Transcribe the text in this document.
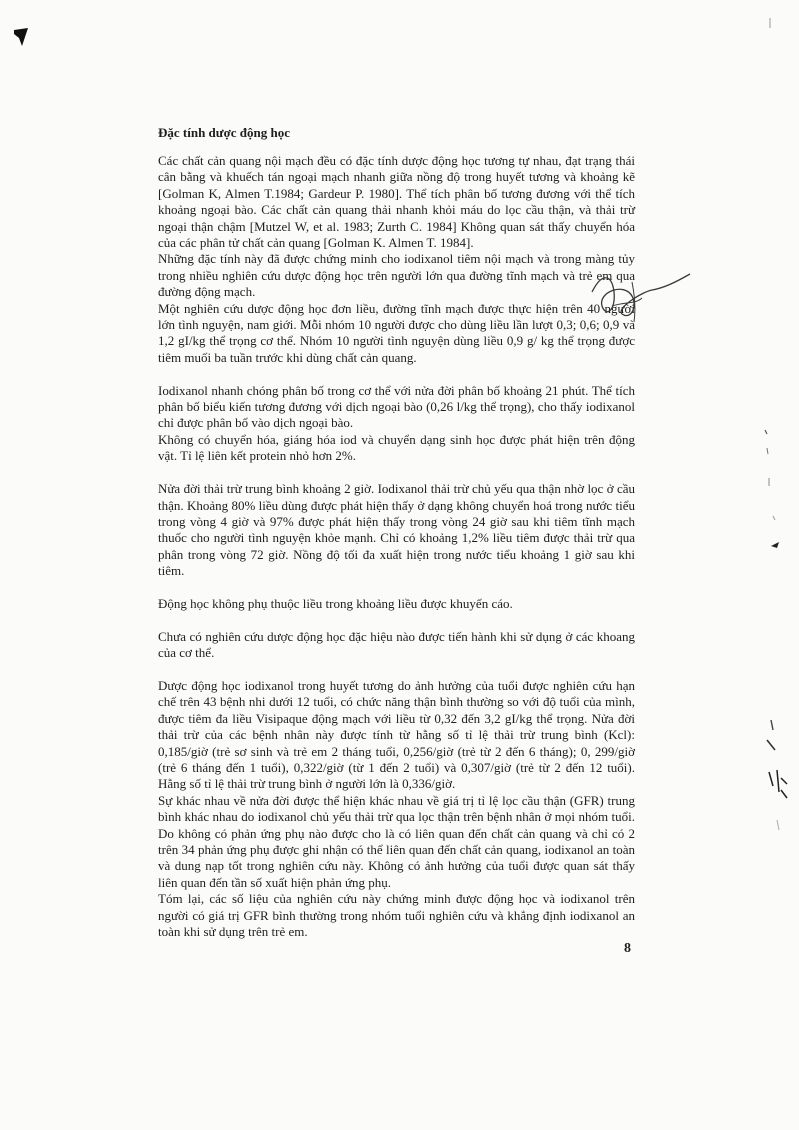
Đặc tính dược động học

Các chất cản quang nội mạch đều có đặc tính dược động học tương tự nhau, đạt trạng thái cân bằng và khuếch tán ngoại mạch nhanh giữa nồng độ trong huyết tương và khoảng kẽ [Golman K, Almen T.1984; Gardeur P. 1980]. Thể tích phân bố tương đương với thể tích khoảng ngoại bào. Các chất cản quang thải nhanh khỏi máu do lọc cầu thận, và thải trừ ngoại thận chậm [Mutzel W, et al. 1983; Zurth C. 1984] Không quan sát thấy chuyển hóa của các phân tử chất cản quang [Golman K. Almen T. 1984].

Những đặc tính này đã được chứng minh cho iodixanol tiêm nội mạch và trong màng tủy trong nhiều nghiên cứu dược động học trên người lớn qua đường tĩnh mạch và trẻ em qua đường động mạch.

Một nghiên cứu dược động học đơn liều, đường tĩnh mạch được thực hiện trên 40 người lớn tình nguyện, nam giới. Mỗi nhóm 10 người được cho dùng liều lần lượt 0,3; 0,6; 0,9 và 1,2 gI/kg thể trọng cơ thể. Nhóm 10 người tình nguyện dùng liều 0,9 g/ kg thể trọng được tiêm muối ba tuần trước khi dùng chất cản quang.

Iodixanol nhanh chóng phân bố trong cơ thể với nửa đời phân bố khoảng 21 phút. Thể tích phân bố biểu kiến tương đương với dịch ngoại bào (0,26 l/kg thể trọng), cho thấy iodixanol chỉ được phân bố vào dịch ngoại bào.

Không có chuyển hóa, giáng hóa iod và chuyển dạng sinh học được phát hiện trên động vật. Tỉ lệ liên kết protein nhỏ hơn 2%.

Nửa đời thải trừ trung bình khoảng 2 giờ. Iodixanol thải trừ chủ yếu qua thận nhờ lọc ở cầu thận. Khoảng 80% liều dùng được phát hiện thấy ở dạng không chuyển hoá trong nước tiểu trong vòng 4 giờ và 97% được phát hiện thấy trong vòng 24 giờ sau khi tiêm tĩnh mạch thuốc cho người tình nguyện khỏe mạnh. Chỉ có khoảng 1,2% liều tiêm được thải trừ qua phân trong vòng 72 giờ. Nồng độ tối đa xuất hiện trong nước tiểu khoảng 1 giờ sau khi tiêm.

Động học không phụ thuộc liều trong khoảng liều được khuyến cáo.

Chưa có nghiên cứu dược động học đặc hiệu nào được tiến hành khi sử dụng ở các khoang của cơ thể.

Dược động học iodixanol trong huyết tương do ảnh hưởng của tuổi được nghiên cứu hạn chế trên 43 bệnh nhi dưới 12 tuổi, có chức năng thận bình thường so với độ tuổi của mình, được tiêm đa liều Visipaque động mạch với liều từ 0,32 đến 3,2 gI/kg thể trọng. Nửa đời thải trừ của các bệnh nhân này được tính từ hằng số tỉ lệ thải trừ trung bình (Kcl): 0,185/giờ (trẻ sơ sinh và trẻ em 2 tháng tuổi, 0,256/giờ (trẻ từ 2 đến 6 tháng); 0, 299/giờ (trẻ 6 tháng đến 1 tuổi), 0,322/giờ (từ 1 đến 2 tuổi) và 0,307/giờ (trẻ từ 2 đến 12 tuổi). Hằng số tỉ lệ thải trừ trung bình ở người lớn là 0,336/giờ.

Sự khác nhau về nửa đời được thể hiện khác nhau về giá trị tỉ lệ lọc cầu thận (GFR) trung bình khác nhau do iodixanol chủ yếu thải trừ qua lọc thận trên bệnh nhân ở mọi nhóm tuổi. Do không có phản ứng phụ nào được cho là có liên quan đến chất cản quang và chỉ có 2 trên 34 phản ứng phụ được ghi nhận có thể liên quan đến chất cản quang, iodixanol an toàn và dung nạp tốt trong nghiên cứu này. Không có ảnh hưởng của tuổi được quan sát thấy liên quan đến tần số xuất hiện phản ứng phụ.

Tóm lại, các số liệu của nghiên cứu này chứng minh được động học và iodixanol trên người có giá trị GFR bình thường trong nhóm tuổi nghiên cứu và khẳng định iodixanol an toàn khi sử dụng trên trẻ em.

8
